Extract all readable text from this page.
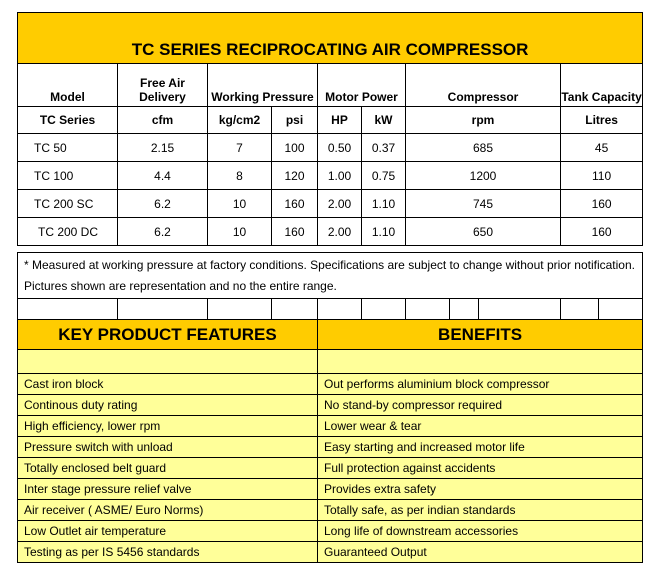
TC SERIES RECIPROCATING AIR COMPRESSOR										
Model	Free Air Delivery	Working Pressure		Motor Power		Compressor			Tank Capacity	
TC Series	cfm	kg/cm2	psi	HP	kW	rpm			Litres	
TC 50	2.15	7	100	0.50	0.37	685			45	
TC 100	4.4	8	120	1.00	0.75	1200			110	
TC 200 SC	6.2	10	160	2.00	1.10	745			160	
TC 200 DC	6.2	10	160	2.00	1.10	650			160	

* Measured at working pressure at factory conditions. Specifications are subject to change without prior notification. Pictures shown are representation and no the entire range.										

KEY PRODUCT FEATURES				BENEFITS						

Cast iron block				Out performs aluminium block compressor						
Continous duty rating				No stand-by compressor required						
High efficiency, lower rpm				Lower wear & tear						
Pressure switch with unload				Easy starting and increased motor life						
Totally enclosed belt guard				Full protection against accidents						
Inter stage pressure relief valve				Provides extra safety						
Air receiver ( ASME/ Euro Norms)				Totally safe, as per indian standards						
Low Outlet air temperature				Long life of downstream accessories						
Testing as per IS 5456 standards				Guaranteed Output						
